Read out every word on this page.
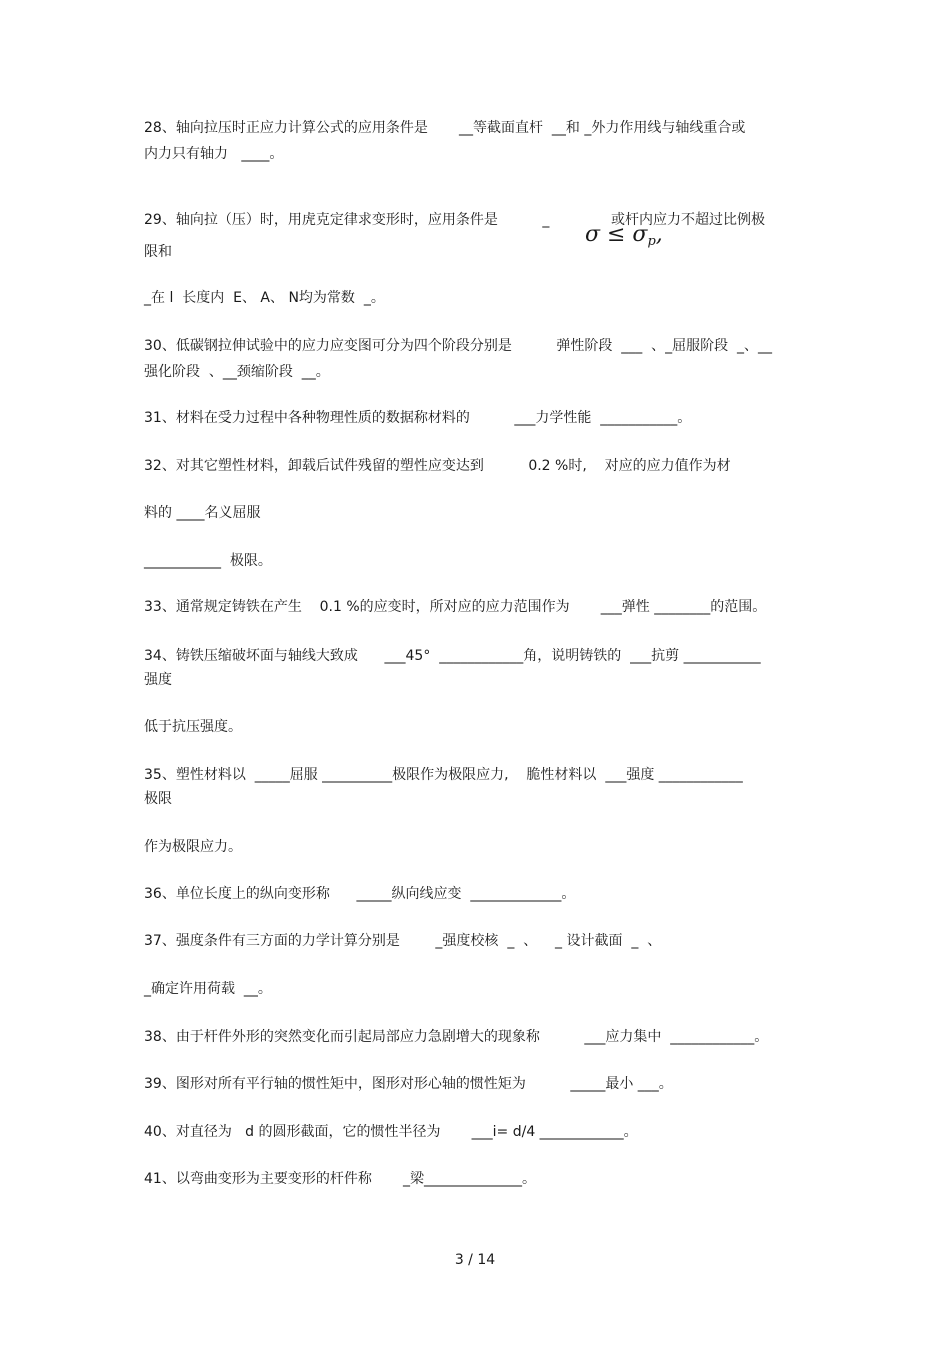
28、轴向拉压时正应力计算公式的应用条件是       __等截面直杆  __和 _外力作用线与轴线重合或
内力只有轴力   ____。
29、轴向拉（压）时，用虎克定律求变形时，应用条件是          _

σ ≤ σp,

或杆内应力不超过比例极
限和
_在 l  长度内  E、 A、 N均为常数  _。
30、低碳钢拉伸试验中的应力应变图可分为四个阶段分别是          弹性阶段  ___  、_屈服阶段  _、__
强化阶段  、__颈缩阶段  __。
31、材料在受力过程中各种物理性质的数据称材料的          ___力学性能  ___________。
32、对其它塑性材料，卸载后试件残留的塑性应变达到          0.2 %时,    对应的应力值作为材
料的 ____名义屈服
___________  极限。
33、通常规定铸铁在产生    0.1 %的应变时，所对应的应力范围作为       ___弹性 ________的范围。
34、铸铁压缩破坏面与轴线大致成      ___45°  ____________角，说明铸铁的  ___抗剪 ___________
强度
低于抗压强度。
35、塑性材料以  _____屈服 __________极限作为极限应力,    脆性材料以  ___强度 ____________
极限
作为极限应力。
36、单位长度上的纵向变形称      _____纵向线应变  _____________。
37、强度条件有三方面的力学计算分别是        _强度校核  _  、    _ 设计截面  _  、
_确定许用荷载  __。
38、由于杆件外形的突然变化而引起局部应力急剧增大的现象称          ___应力集中  ____________。
39、图形对所有平行轴的惯性矩中，图形对形心轴的惯性矩为          _____最小 ___。
40、对直径为   d 的圆形截面，它的惯性半径为       ___i= d/4 ____________。
41、以弯曲变形为主要变形的杆件称       _梁______________。
3 / 14
